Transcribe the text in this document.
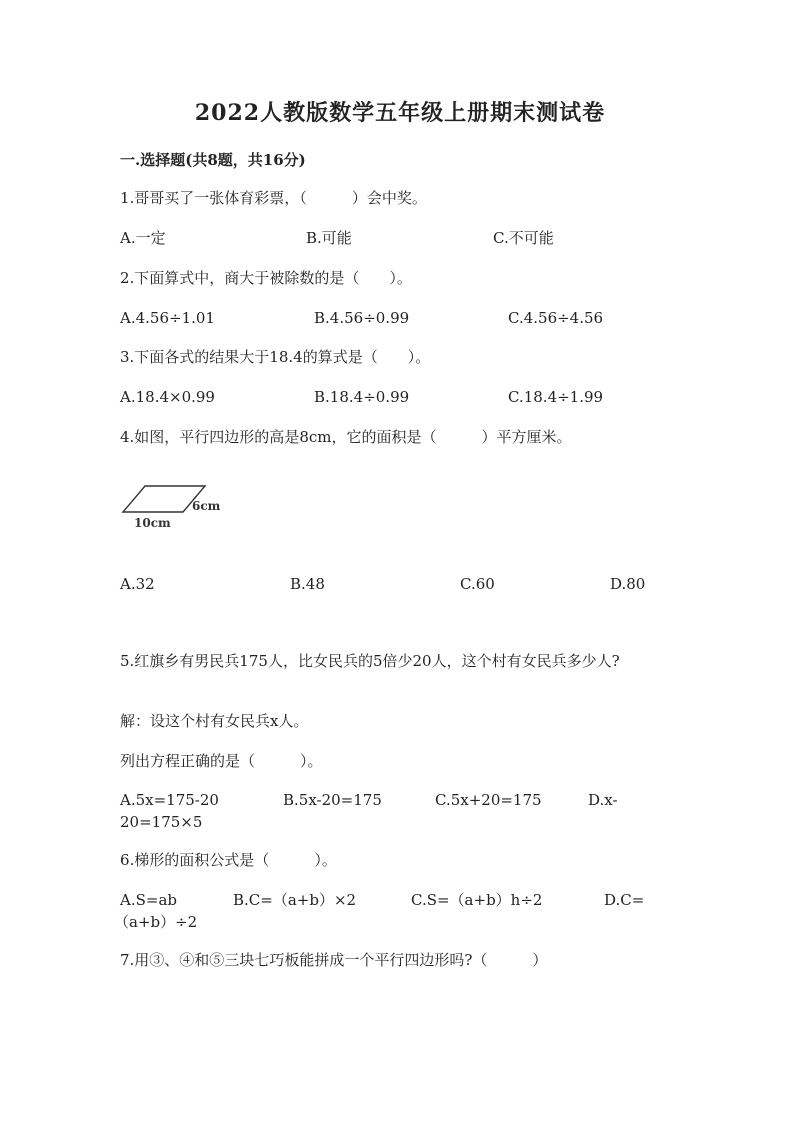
2022人教版数学五年级上册期末测试卷
一.选择题(共8题，共16分)
1.哥哥买了一张体育彩票，（　　　）会中奖。
A.一定	B.可能	C.不可能
2.下面算式中，商大于被除数的是（　　）。
A.4.56÷1.01	B.4.56÷0.99	C.4.56÷4.56
3.下面各式的结果大于18.4的算式是（　　）。
A.18.4×0.99	B.18.4÷0.99	C.18.4÷1.99
4.如图，平行四边形的高是8cm，它的面积是（　　　）平方厘米。
6cm
10cm
A.32	B.48	C.60	D.80
5.红旗乡有男民兵175人，比女民兵的5倍少20人，这个村有女民兵多少人?
解：设这个村有女民兵x人。
列出方程正确的是（　　　）。
A.5x=175-20	B.5x-20=175	C.5x+20=175	D.x-
20=175×5
6.梯形的面积公式是（　　　）。
A.S=ab	B.C=（a+b）×2	C.S=（a+b）h÷2	D.C=
（a+b）÷2
7.用③、④和⑤三块七巧板能拼成一个平行四边形吗?（　　　）
